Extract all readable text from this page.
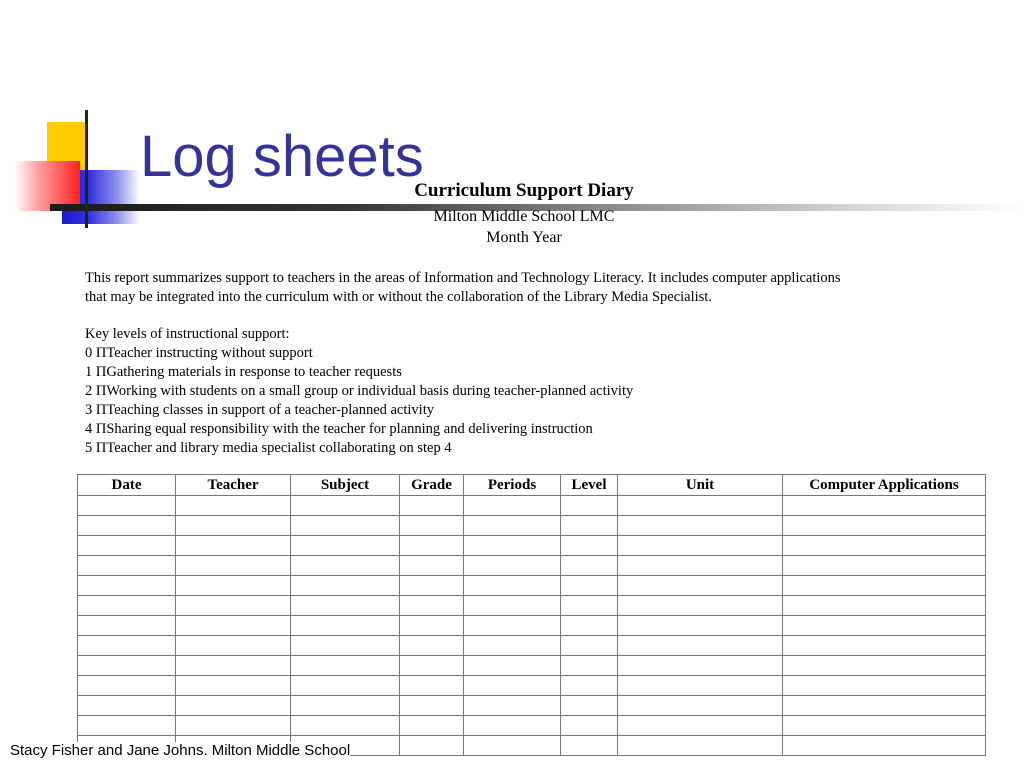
Log sheets
Curriculum Support Diary
Milton Middle School LMC
Month Year
This report summarizes support to teachers in the areas of Information and Technology Literacy. It includes computer applications
that may be integrated into the curriculum with or without the collaboration of the Library Media Specialist.
Key levels of instructional support:
0 ΠTeacher instructing without support
1 ΠGathering materials in response to teacher requests
2 ΠWorking with students on a small group or individual basis during teacher-planned activity
3 ΠTeaching classes in support of a teacher-planned activity
4 ΠSharing equal responsibility with the teacher for planning and delivering instruction
5 ΠTeacher and library media specialist collaborating on step 4
Date	Teacher	Subject	Grade	Periods	Level	Unit	Computer Applications

Stacy Fisher and Jane Johns. Milton Middle School
